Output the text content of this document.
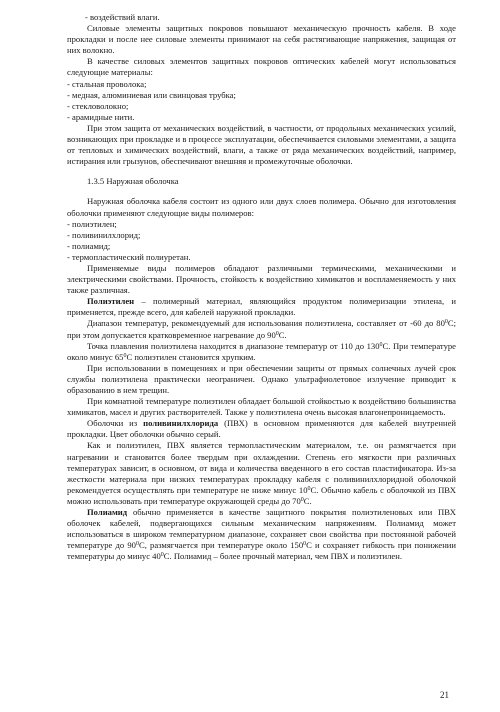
- воздействий влаги.

Силовые элементы защитных покровов повышают механическую прочность кабеля. В ходе прокладки и после нее силовые элементы принимают на себя растягивающие напряжения, защищая от них волокно.

В качестве силовых элементов защитных покровов оптических кабелей могут использоваться следующие материалы:

- стальная проволока;

- медная, алюминиевая или свинцовая трубка;

- стекловолокно;

- арамидные нити.

При этом защита от механических воздействий, в частности, от продольных механических усилий, возникающих при прокладке и в процессе эксплуатации, обеспечивается силовыми элементами, а защита от тепловых и химических воздействий, влаги, а также от ряда механических воздействий, например, истирания или грызунов, обеспечивают внешняя и промежуточные оболочки.

1.3.5 Наружная оболочка

Наружная оболочка кабеля состоит из одного или двух слоев полимера. Обычно для изготовления оболочки применяют следующие виды полимеров:

- полиэтилен;

- поливинилхлорид;

- полиамид;

- термопластический полиуретан.

Применяемые виды полимеров обладают различными термическими, механическими и электрическими свойствами. Прочность, стойкость к воздействию химикатов и воспламеняемость у них также различная.

Полиэтилен – полимерный материал, являющийся продуктом полимеризации этилена, и применяется, прежде всего, для кабелей наружной прокладки.

Диапазон температур, рекомендуемый для использования полиэтилена, составляет от -60 до $80^0С$; при этом допускается кратковременное нагревание до $90^0С$.

Точка плавления полиэтилена находится в диапазоне температур от 110 до $130^0С$. При температуре около минус $65^0С$ полиэтилен становится хрупким.

При использовании в помещениях и при обеспечении защиты от прямых солнечных лучей срок службы полиэтилена практически неограничен. Однако ультрафиолетовое излучение приводит к образованию в нем трещин.

При комнатной температуре полиэтилен обладает большой стойкостью к воздействию большинства химикатов, масел и других растворителей. Также у полиэтилена очень высокая влагонепроницаемость.

Оболочки из поливинилхлорида (ПВХ) в основном применяются для кабелей внутренней прокладки. Цвет оболочки обычно серый.

Как и полиэтилен, ПВХ является термопластическим материалом, т.е. он размягчается при нагревании и становится более твердым при охлаждении. Степень его мягкости при различных температурах зависит, в основном, от вида и количества введенного в его состав пластификатора. Из-за жесткости материала при низких температурах прокладку кабеля с поливинилхлоридной оболочкой рекомендуется осуществлять при температуре не ниже минус $10^0С$. Обычно кабель с оболочкой из ПВХ можно использовать при температуре окружающей среды до $70^0С$.

Полиамид обычно применяется в качестве защитного покрытия полиэтиленовых или ПВХ оболочек кабелей, подвергающихся сильным механическим напряжениям. Полиамид может использоваться в широком температурном диапазоне, сохраняет свои свойства при постоянной рабочей температуре до $90^0С$, размягчается при температуре около $150^0С$ и сохраняет гибкость при понижении температуры до минус $40^0С$. Полиамид – более прочный материал, чем ПВХ и полиэтилен.

21
